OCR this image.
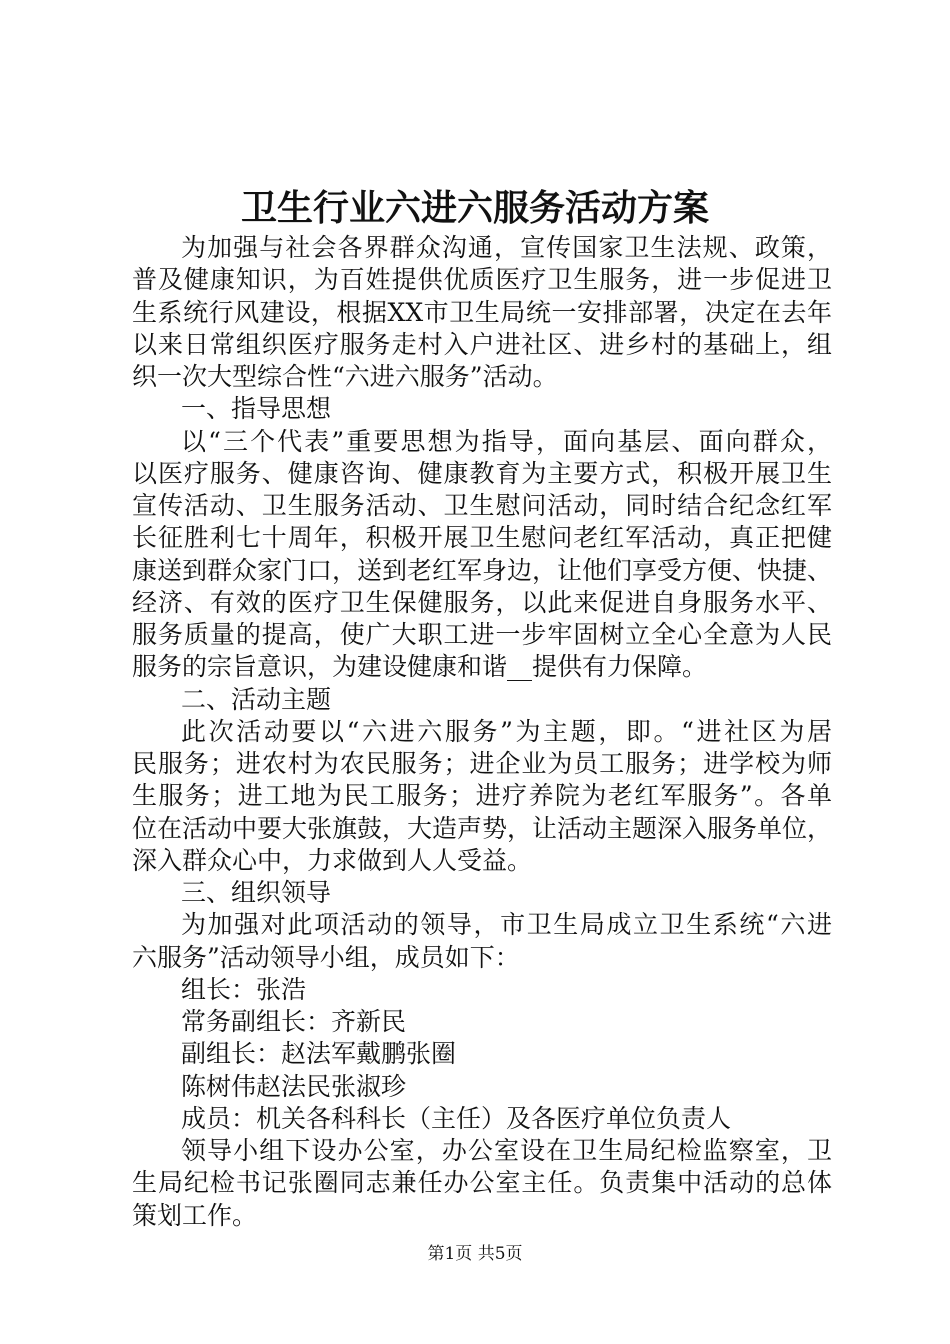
卫生行业六进六服务活动方案
为加强与社会各界群众沟通，宣传国家卫生法规、政策，
普及健康知识，为百姓提供优质医疗卫生服务，进一步促进卫
生系统行风建设，根据XX市卫生局统一安排部署，决定在去年
以来日常组织医疗服务走村入户进社区、进乡村的基础上，组
织一次大型综合性“六进六服务”活动。
一、指导思想
以“三个代表”重要思想为指导，面向基层、面向群众，
以医疗服务、健康咨询、健康教育为主要方式，积极开展卫生
宣传活动、卫生服务活动、卫生慰问活动，同时结合纪念红军
长征胜利七十周年，积极开展卫生慰问老红军活动，真正把健
康送到群众家门口，送到老红军身边，让他们享受方便、快捷、
经济、有效的医疗卫生保健服务，以此来促进自身服务水平、
服务质量的提高，使广大职工进一步牢固树立全心全意为人民
服务的宗旨意识，为建设健康和谐__提供有力保障。
二、活动主题
此次活动要以“六进六服务”为主题，即。“进社区为居
民服务；进农村为农民服务；进企业为员工服务；进学校为师
生服务；进工地为民工服务；进疗养院为老红军服务”。各单
位在活动中要大张旗鼓，大造声势，让活动主题深入服务单位，
深入群众心中，力求做到人人受益。
三、组织领导
为加强对此项活动的领导，市卫生局成立卫生系统“六进
六服务”活动领导小组，成员如下：
组长：张浩
常务副组长：齐新民
副组长：赵法军戴鹏张圈
陈树伟赵法民张淑珍
成员：机关各科科长（主任）及各医疗单位负责人
领导小组下设办公室，办公室设在卫生局纪检监察室，卫
生局纪检书记张圈同志兼任办公室主任。负责集中活动的总体
策划工作。
第1页 共5页
